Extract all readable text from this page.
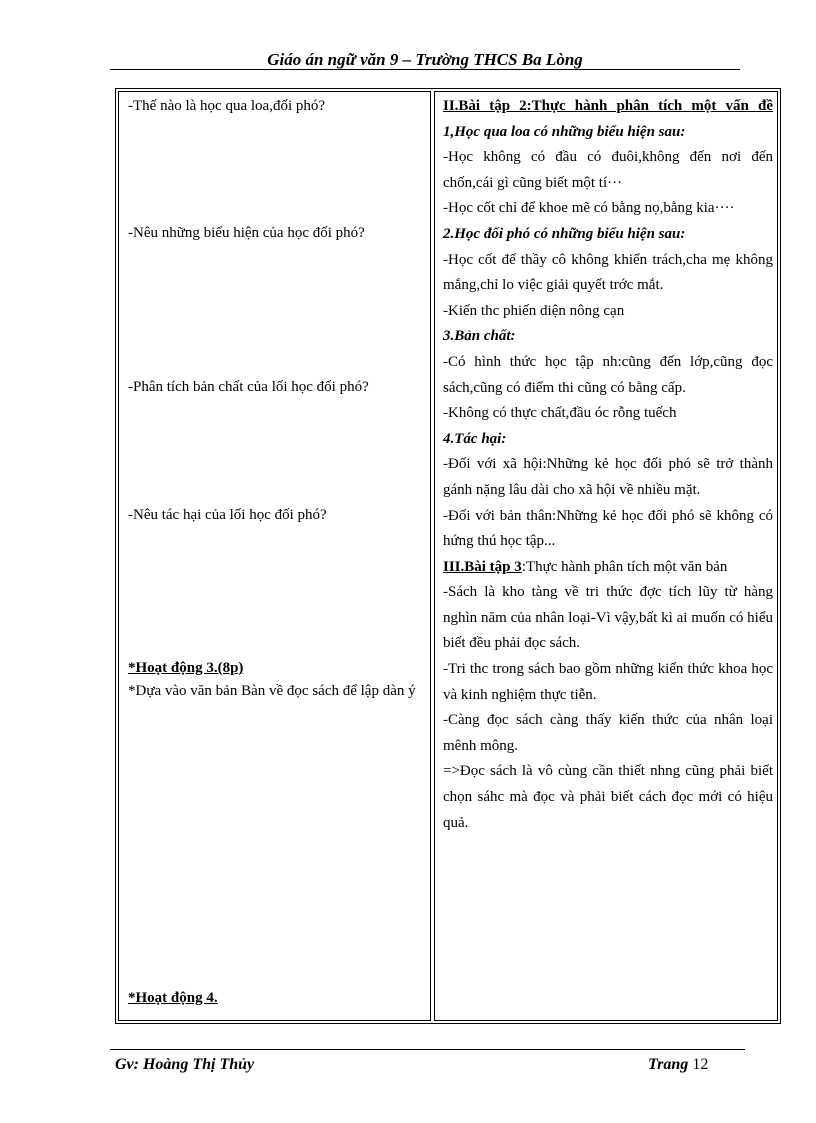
Giáo án ngữ văn 9 – Trường THCS Ba Lòng
-Thế nào là học qua loa,đối phó?
-Nêu những biểu hiện của học đối phó?
-Phân tích bản chất của lối học đối phó?
-Nêu tác hại của lối học đối phó?
*Hoạt động 3.(8p)
*Dựa vào văn bản Bàn về đọc sách để lập dàn ý
*Hoạt động 4.

II.Bài tập 2:Thực hành phân tích một vấn đề

1,Học qua loa có những biểu hiện sau:

-Học không có đầu có đuôi,không đến nơi đến chốn,cái gì cũng biết một tí···

-Học cốt chỉ để khoe mẽ có bằng nọ,bằng kia····

2.Học đối phó có những biểu hiện sau:

-Học cốt để thầy cô không khiển trách,cha mẹ không mắng,chỉ lo việc giải quyết trớc mắt.

-Kiến thc phiến diện nông cạn

3.Bản chất:

-Có hình thức học tập nh:cũng đến lớp,cũng đọc sách,cũng có điểm thi cũng có bằng cấp.

-Không có thực chất,đầu óc rỗng tuếch

4.Tác hại:

-Đối với xã hội:Những kẻ học đối phó sẽ trở thành gánh nặng lâu dài cho xã hội về nhiều mặt.

-Đối với bản thân:Những kẻ học đối phó sẽ không có hứng thú học tập...

III.Bài tập 3:Thực hành phân tích một văn bản

-Sách là kho tàng về tri thức đợc tích lũy từ hàng nghìn năm của nhân loại-Vì vậy,bất kì ai muốn có hiểu biết đều phải đọc sách.

-Tri thc trong sách bao gồm những kiến thức khoa học và kinh nghiệm thực tiễn.

-Càng đọc sách càng thấy kiến thức của nhân loại mênh mông.

=>Đọc sách là vô cùng cần thiết nhng cũng phải biết chọn sáhc mà đọc và phải biết cách đọc mới có hiệu quả.

Gv: Hoàng Thị Thủy	Trang 12
